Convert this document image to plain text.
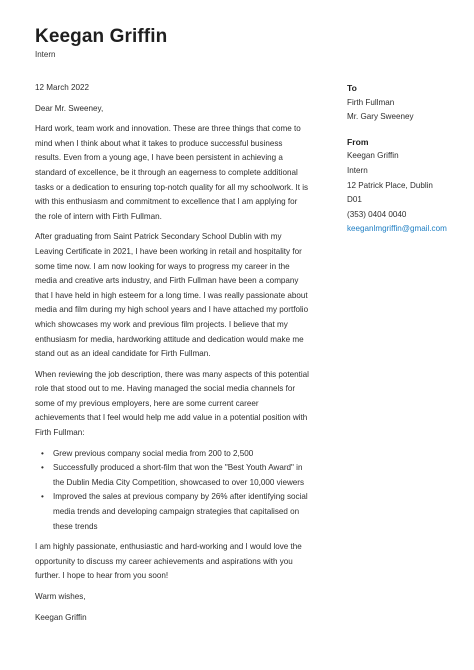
Keegan Griffin
Intern

12 March 2022

Dear Mr. Sweeney,

Hard work, team work and innovation. These are three things that come to mind when I think about what it takes to produce successful business results. Even from a young age, I have been persistent in achieving a standard of excellence, be it through an eagerness to complete additional tasks or a dedication to ensuring top-notch quality for all my schoolwork. It is with this enthusiasm and commitment to excellence that I am applying for the role of intern with Firth Fullman.

After graduating from Saint Patrick Secondary School Dublin with my Leaving Certificate in 2021, I have been working in retail and hospitality for some time now. I am now looking for ways to progress my career in the media and creative arts industry, and Firth Fullman have been a company that I have held in high esteem for a long time. I was really passionate about media and film during my high school years and I have attached my portfolio which showcases my work and previous film projects. I believe that my enthusiasm for media, hardworking attitude and dedication would make me stand out as an ideal candidate for Firth Fullman.

When reviewing the job description, there was many aspects of this potential role that stood out to me. Having managed the social media channels for some of my previous employers, here are some current career achievements that I feel would help me add value in a potential position with Firth Fullman:

• Grew previous company social media from 200 to 2,500
• Successfully produced a short-film that won the "Best Youth Award" in the Dublin Media City Competition, showcased to over 10,000 viewers
• Improved the sales at previous company by 26% after identifying social media trends and developing campaign strategies that capitalised on these trends

I am highly passionate, enthusiastic and hard-working and I would love the opportunity to discuss my career achievements and aspirations with you further. I hope to hear from you soon!

Warm wishes,

Keegan Griffin

To
Firth Fullman
Mr. Gary Sweeney
From
Keegan Griffin
Intern
12 Patrick Place, Dublin
D01
(353) 0404 0040
keeganlmgriffin@gmail.com
